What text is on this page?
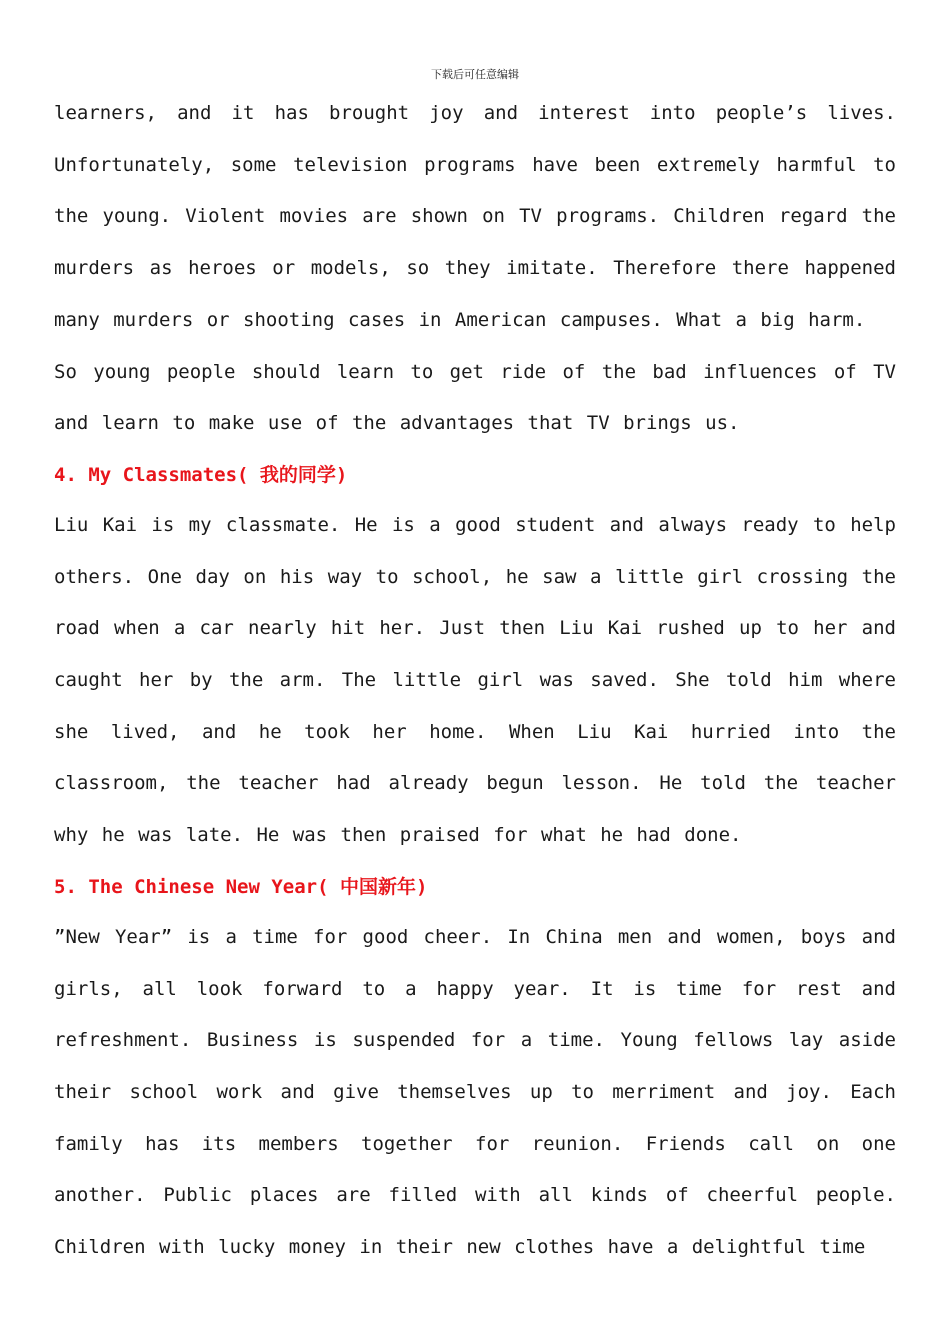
下载后可任意编辑

learners, and it has brought joy and interest into people’s lives. Unfortunately, some television programs have been extremely harmful to the young. Violent movies are shown on TV programs. Children regard the murders as heroes or models, so they imitate. Therefore there happened many murders or shooting cases in American campuses. What a big harm.

So young people should learn to get ride of the bad influences of TV and learn to make use of the advantages that TV brings us.

4. My Classmates( 我的同学)

Liu Kai is my classmate. He is a good student and always ready to help others. One day on his way to school, he saw a little girl crossing the road when a car nearly hit her. Just then Liu Kai rushed up to her and caught her by the arm. The little girl was saved. She told him where she lived, and he took her home. When Liu Kai hurried into the classroom, the teacher had already begun lesson. He told the teacher why he was late. He was then praised for what he had done.

5. The Chinese New Year( 中国新年)

”New Year” is a time for good cheer. In China men and women, boys and girls, all look forward to a happy year. It is time for rest and refreshment. Business is suspended for a time. Young fellows lay aside their school work and give themselves up to merriment and joy. Each family has its members together for reunion. Friends call on one another. Public places are filled with all kinds of cheerful people. Children with lucky money in their new clothes have a delightful time
